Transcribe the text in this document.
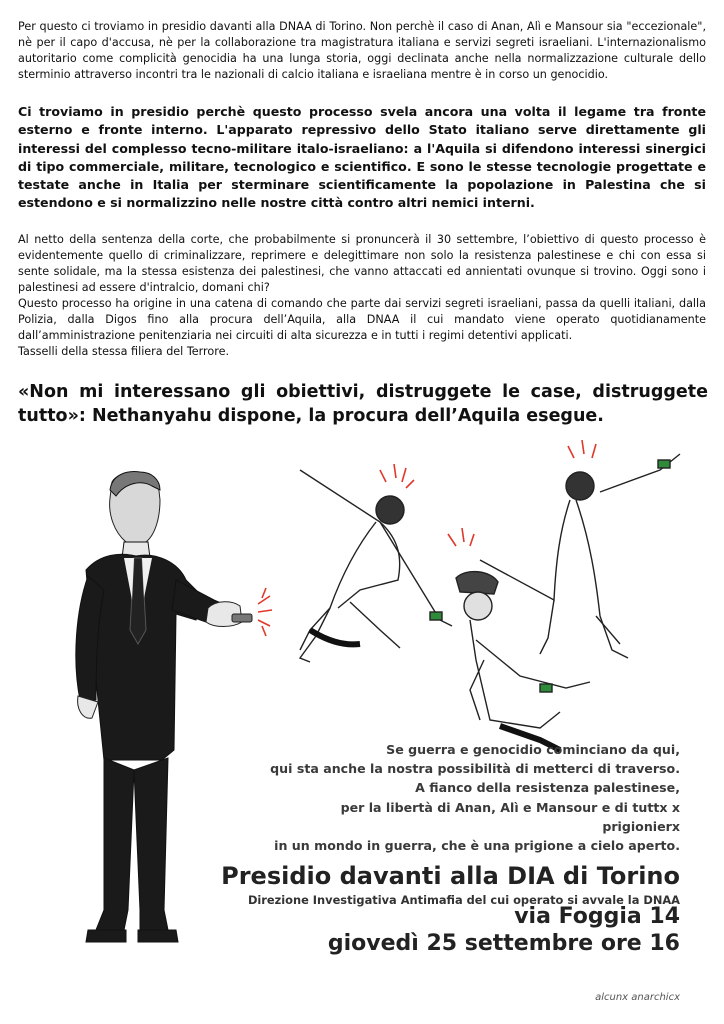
Per questo ci troviamo in presidio davanti alla DNAA di Torino. Non perchè il caso di Anan, Alì e Mansour sia "eccezionale", nè per il capo d'accusa, nè per la collaborazione tra magistratura italiana e servizi segreti israeliani. L'internazionalismo autoritario come complicità genocidia ha una lunga storia, oggi declinata anche nella normalizzazione culturale dello sterminio attraverso incontri tra le nazionali di calcio italiana e israeliana mentre è in corso un genocidio.

Ci troviamo in presidio perchè questo processo svela ancora una volta il legame tra fronte esterno e fronte interno. L'apparato repressivo dello Stato italiano serve direttamente gli interessi del complesso tecno-militare italo-israeliano: a l'Aquila si difendono interessi sinergici di tipo commerciale, militare, tecnologico e scientifico. E sono le stesse tecnologie progettate e testate anche in Italia per sterminare scientificamente la popolazione in Palestina che si estendono e si normalizzino nelle nostre città contro altri nemici interni.

Al netto della sentenza della corte, che probabilmente si pronuncerà il 30 settembre, l’obiettivo di questo processo è evidentemente quello di criminalizzare, reprimere e delegittimare non solo la resistenza palestinese e chi con essa si sente solidale, ma la stessa esistenza dei palestinesi, che vanno attaccati ed annientati ovunque si trovino. Oggi sono i palestinesi ad essere d'intralcio, domani chi?
Questo processo ha origine in una catena di comando che parte dai servizi segreti israeliani, passa da quelli italiani, dalla Polizia, dalla Digos fino alla procura dell’Aquila, alla DNAA il cui mandato viene operato quotidianamente dall’amministrazione penitenziaria nei circuiti di alta sicurezza e in tutti i regimi detentivi applicati.
Tasselli della stessa filiera del Terrore.

«Non mi interessano gli obiettivi, distruggete le case, distruggete tutto»: Nethanyahu dispone, la procura dell’Aquila esegue.

Se guerra e genocidio cominciano da qui,
qui sta anche la nostra possibilità di metterci di traverso.
A fianco della resistenza palestinese,
per la libertà di Anan, Alì e Mansour e di tuttx x prigionierx
in un mondo in guerra, che è una prigione a cielo aperto.
Presidio davanti alla DIA di Torino
Direzione Investigativa Antimafia del cui operato si avvale la DNAA
via Foggia 14
giovedì 25 settembre ore 16
alcunx anarchicx
